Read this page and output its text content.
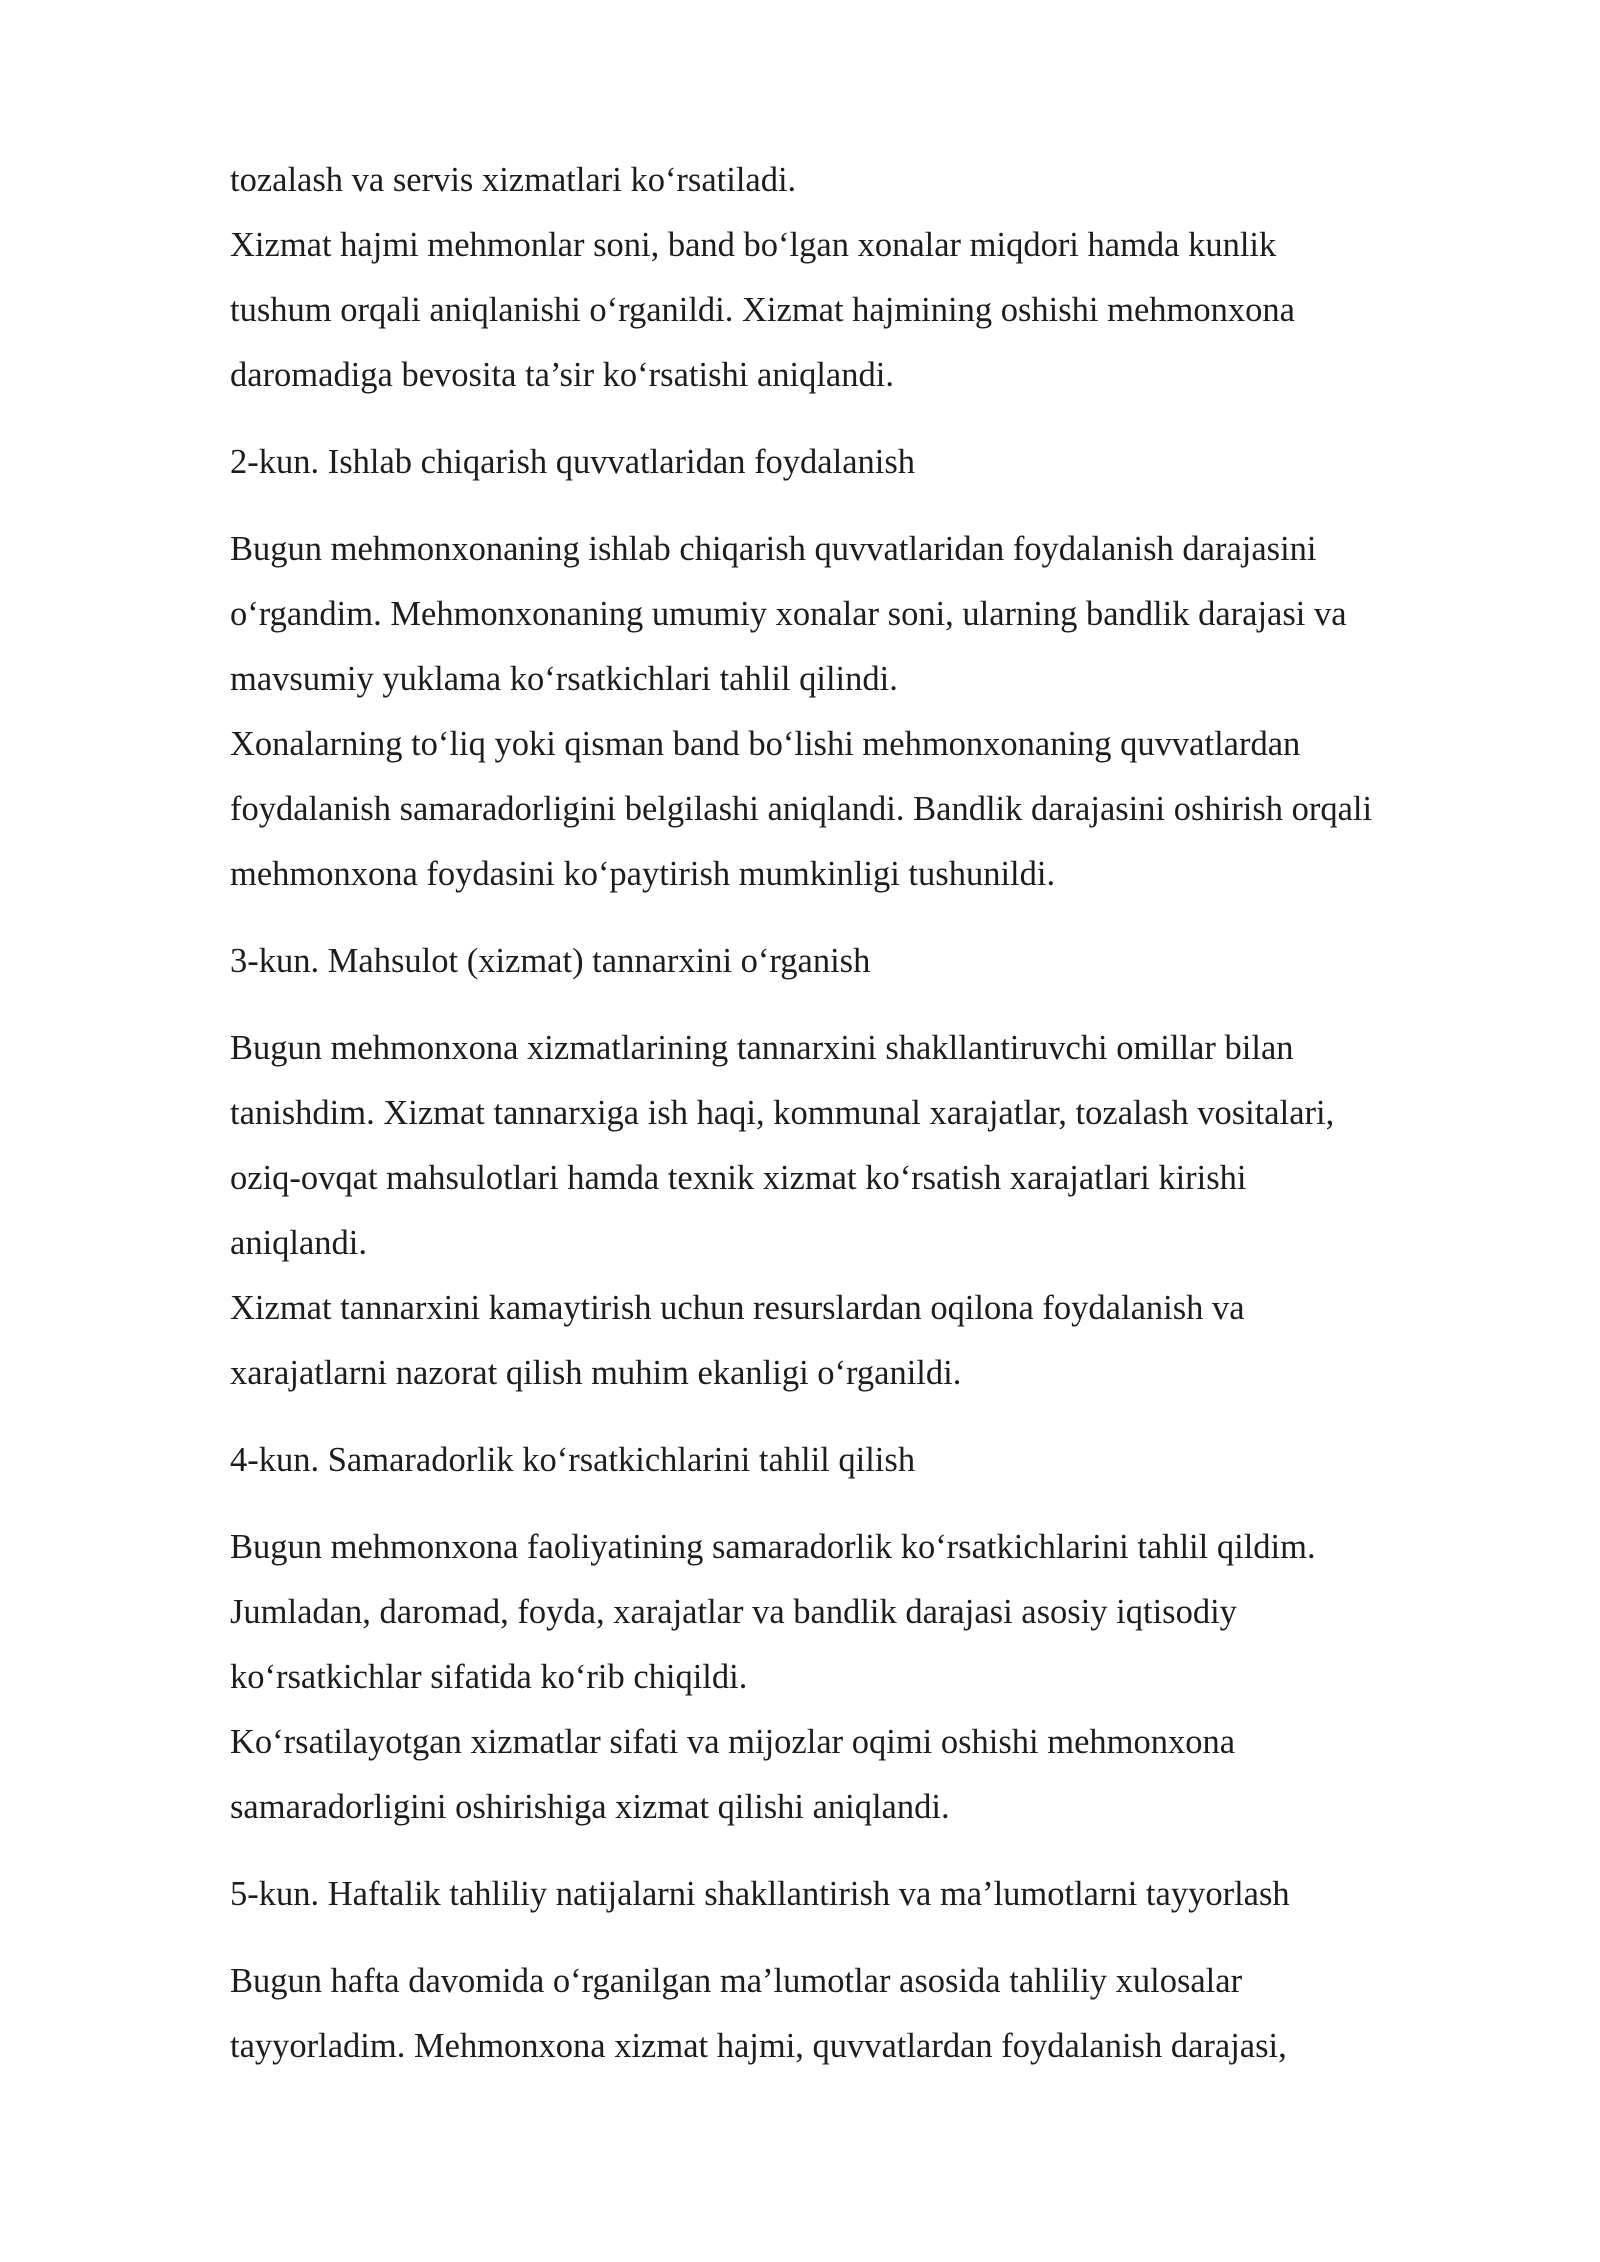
tozalash va servis xizmatlari koʻrsatiladi.
Xizmat hajmi mehmonlar soni, band boʻlgan xonalar miqdori hamda kunlik
tushum orqali aniqlanishi oʻrganildi. Xizmat hajmining oshishi mehmonxona
daromadiga bevosita ta’sir koʻrsatishi aniqlandi.
2-kun. Ishlab chiqarish quvvatlaridan foydalanish
Bugun mehmonxonaning ishlab chiqarish quvvatlaridan foydalanish darajasini
oʻrgandim. Mehmonxonaning umumiy xonalar soni, ularning bandlik darajasi va
mavsumiy yuklama koʻrsatkichlari tahlil qilindi.
Xonalarning toʻliq yoki qisman band boʻlishi mehmonxonaning quvvatlardan
foydalanish samaradorligini belgilashi aniqlandi. Bandlik darajasini oshirish orqali
mehmonxona foydasini koʻpaytirish mumkinligi tushunildi.
3-kun. Mahsulot (xizmat) tannarxini oʻrganish
Bugun mehmonxona xizmatlarining tannarxini shakllantiruvchi omillar bilan
tanishdim. Xizmat tannarxiga ish haqi, kommunal xarajatlar, tozalash vositalari,
oziq-ovqat mahsulotlari hamda texnik xizmat koʻrsatish xarajatlari kirishi
aniqlandi.
Xizmat tannarxini kamaytirish uchun resurslardan oqilona foydalanish va
xarajatlarni nazorat qilish muhim ekanligi oʻrganildi.
4-kun. Samaradorlik koʻrsatkichlarini tahlil qilish
Bugun mehmonxona faoliyatining samaradorlik koʻrsatkichlarini tahlil qildim.
Jumladan, daromad, foyda, xarajatlar va bandlik darajasi asosiy iqtisodiy
koʻrsatkichlar sifatida koʻrib chiqildi.
Koʻrsatilayotgan xizmatlar sifati va mijozlar oqimi oshishi mehmonxona
samaradorligini oshirishiga xizmat qilishi aniqlandi.
5-kun. Haftalik tahliliy natijalarni shakllantirish va ma’lumotlarni tayyorlash
Bugun hafta davomida oʻrganilgan ma’lumotlar asosida tahliliy xulosalar
tayyorladim. Mehmonxona xizmat hajmi, quvvatlardan foydalanish darajasi,
